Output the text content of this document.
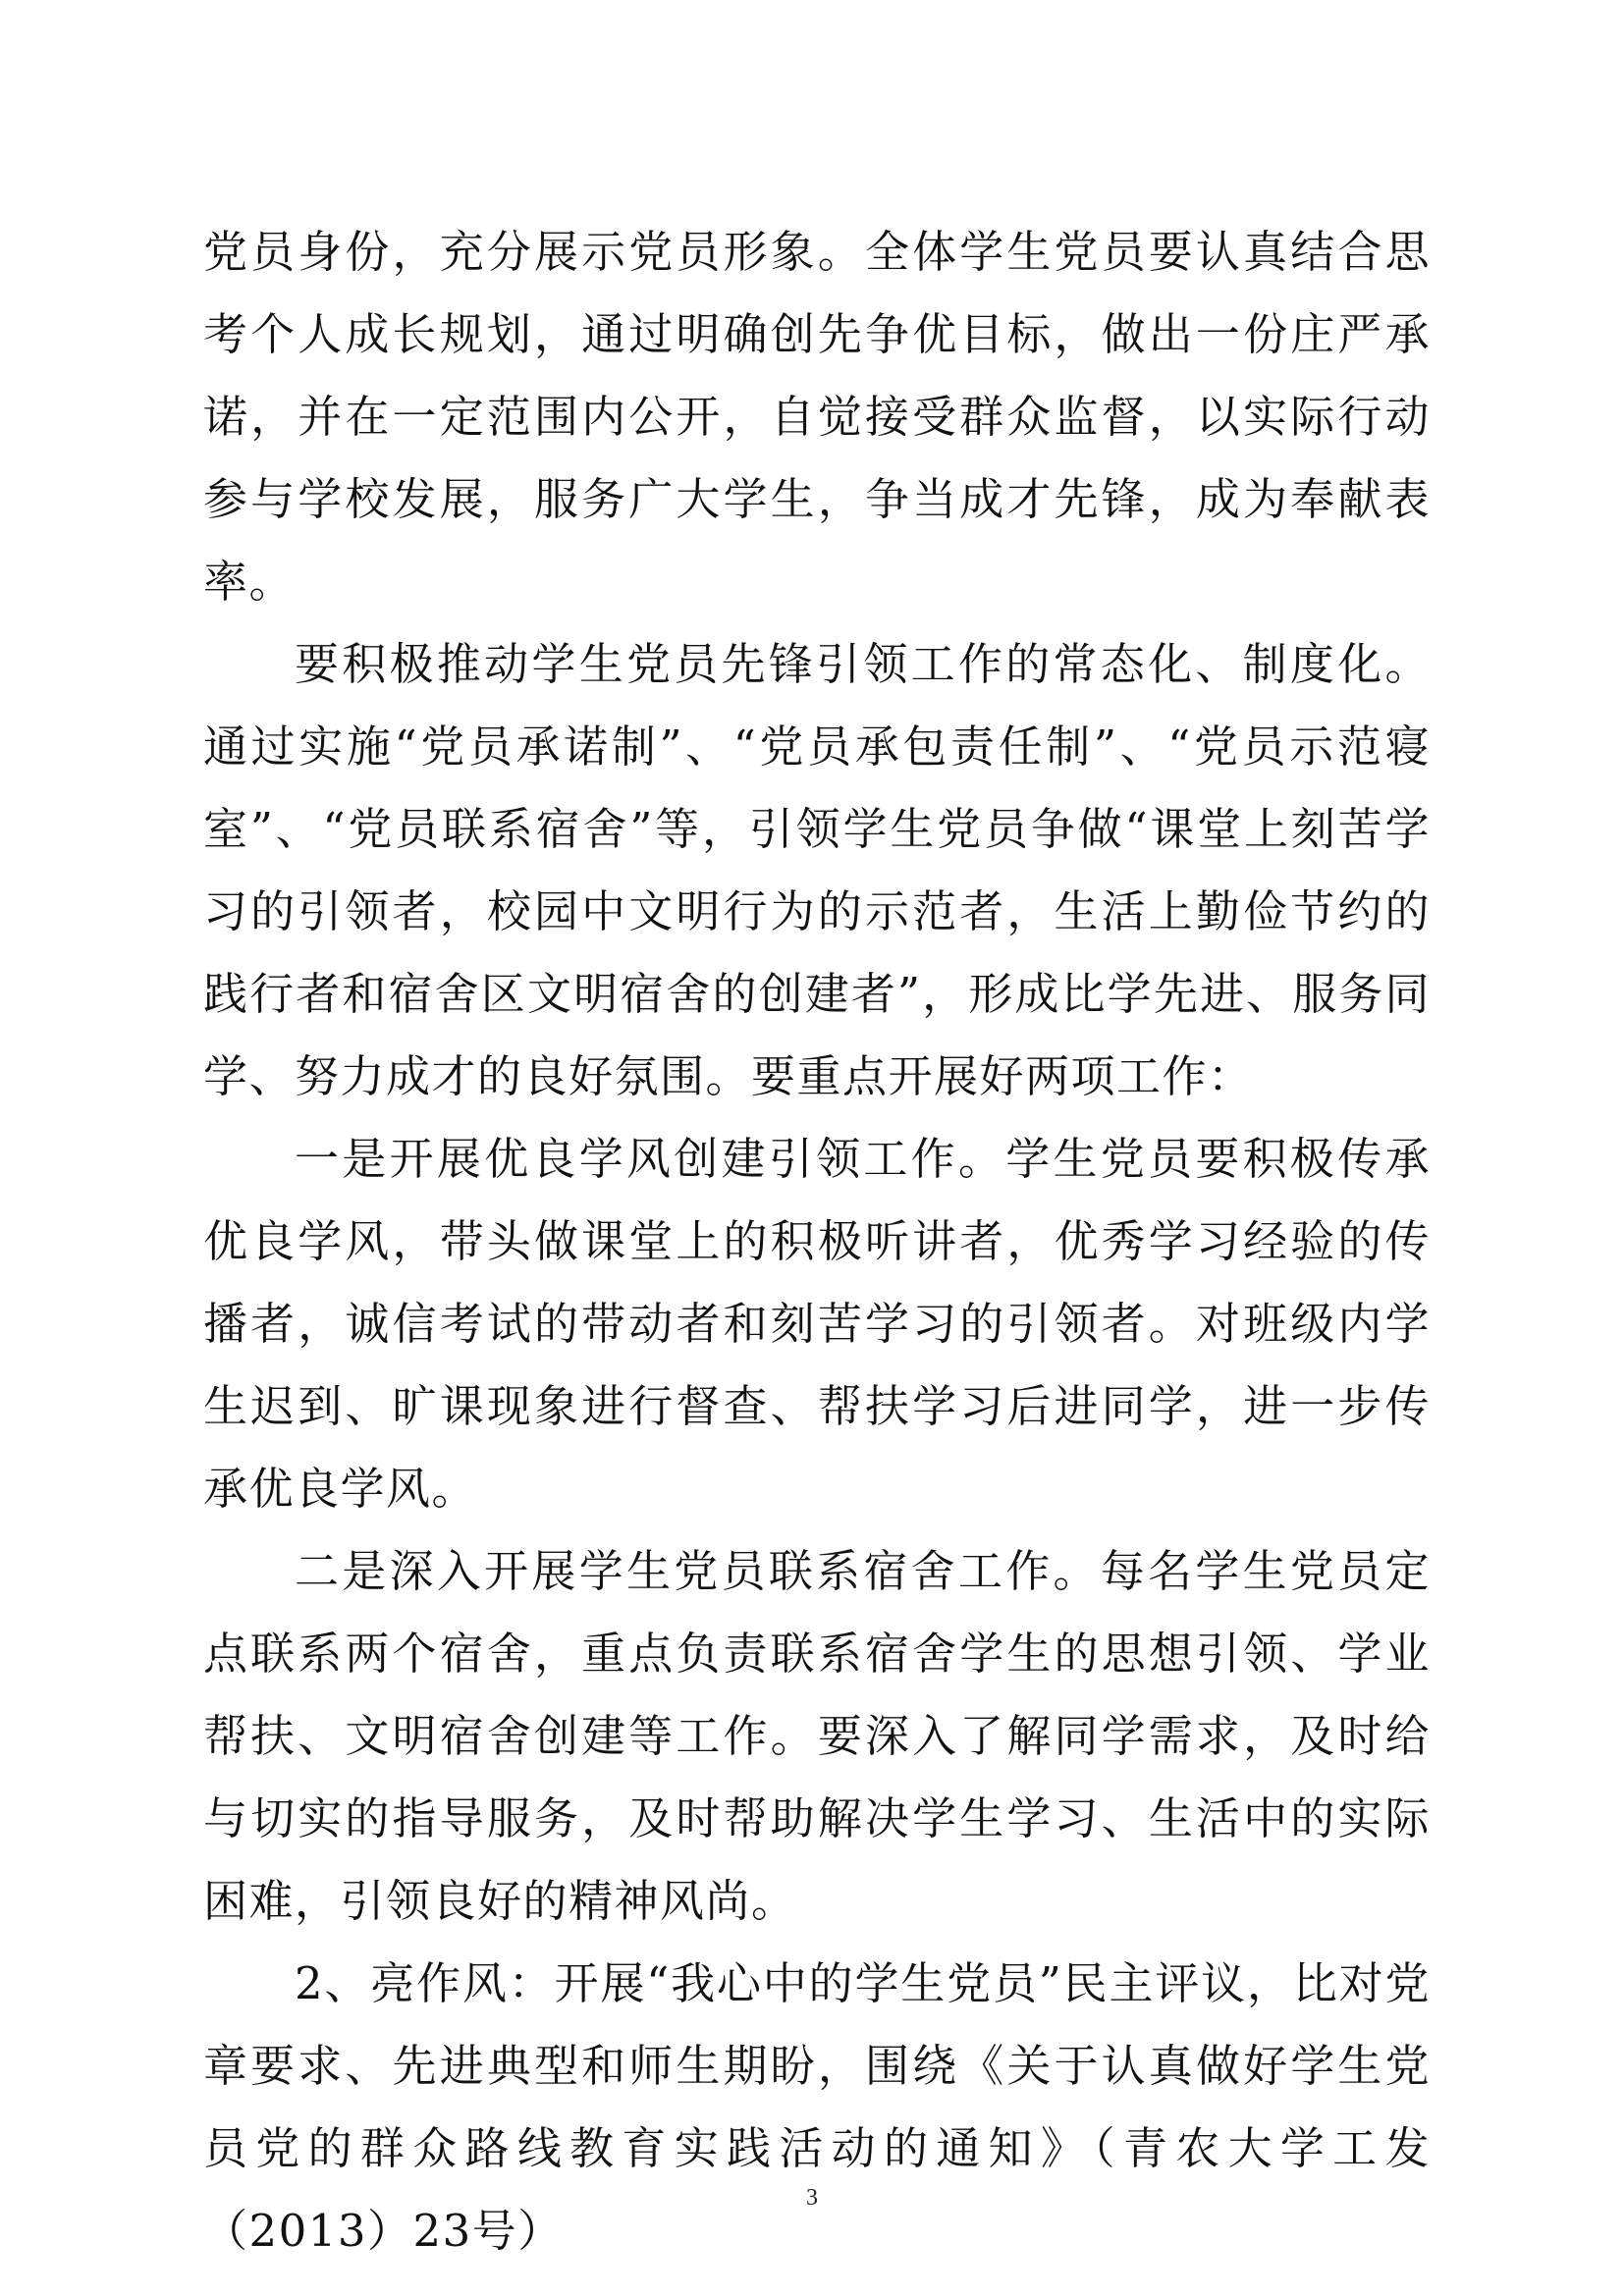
党员身份，充分展示党员形象。全体学生党员要认真结合思考个人成长规划，通过明确创先争优目标，做出一份庄严承诺，并在一定范围内公开，自觉接受群众监督，以实际行动参与学校发展，服务广大学生，争当成才先锋，成为奉献表率。

要积极推动学生党员先锋引领工作的常态化、制度化。通过实施“党员承诺制”、“党员承包责任制”、“党员示范寝室”、“党员联系宿舍”等，引领学生党员争做“课堂上刻苦学习的引领者，校园中文明行为的示范者，生活上勤俭节约的践行者和宿舍区文明宿舍的创建者”，形成比学先进、服务同学、努力成才的良好氛围。要重点开展好两项工作：

一是开展优良学风创建引领工作。学生党员要积极传承优良学风，带头做课堂上的积极听讲者，优秀学习经验的传播者，诚信考试的带动者和刻苦学习的引领者。对班级内学生迟到、旷课现象进行督查、帮扶学习后进同学，进一步传承优良学风。

二是深入开展学生党员联系宿舍工作。每名学生党员定点联系两个宿舍，重点负责联系宿舍学生的思想引领、学业帮扶、文明宿舍创建等工作。要深入了解同学需求，及时给与切实的指导服务，及时帮助解决学生学习、生活中的实际困难，引领良好的精神风尚。

2、亮作风：开展“我心中的学生党员”民主评议，比对党章要求、先进典型和师生期盼，围绕《关于认真做好学生党员党的群众路线教育实践活动的通知》（青农大学工发（2013）23号）

3
